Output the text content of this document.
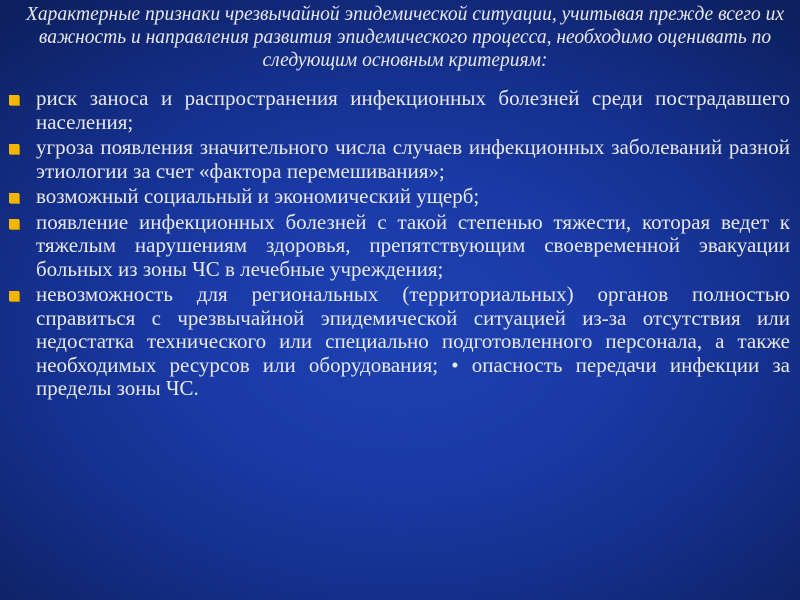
Характерные признаки чрезвычайной эпидемической ситуации, учитывая прежде всего их важность и направления развития эпидемического процесса, необходимо оценивать по следующим основным критериям:
риск заноса и распространения инфекционных болезней среди пострадавшего населения;
угроза появления значительного числа случаев инфекционных заболеваний разной этиологии за счет «фактора перемешивания»;
возможный социальный и экономический ущерб;
появление инфекционных болезней с такой степенью тяжести, которая ведет к тяжелым нарушениям здоровья, препятствующим своевременной эвакуации больных из зоны ЧС в лечебные учреждения;
невозможность для региональных (территориальных) органов полностью справиться с чрезвычайной эпидемической ситуацией из-за отсутствия или недостатка технического или специально подготовленного персонала, а также необходимых ресурсов или оборудования; • опасность передачи инфекции за пределы зоны ЧС.
